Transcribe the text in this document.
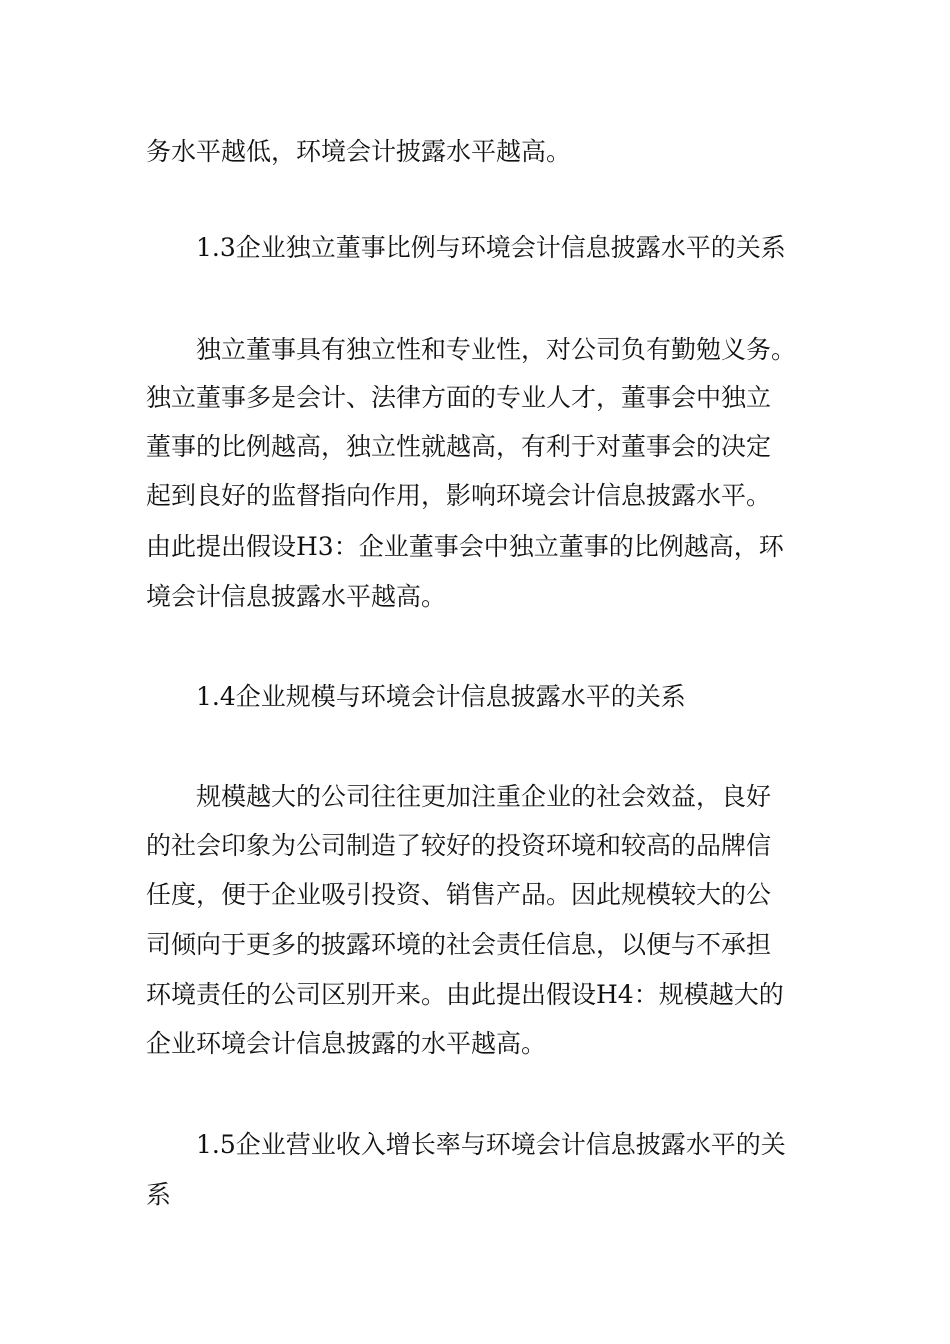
务水平越低，环境会计披露水平越高。
1.3企业独立董事比例与环境会计信息披露水平的关系
独立董事具有独立性和专业性，对公司负有勤勉义务。
独立董事多是会计、法律方面的专业人才，董事会中独立
董事的比例越高，独立性就越高，有利于对董事会的决定
起到良好的监督指向作用，影响环境会计信息披露水平。
由此提出假设H3：企业董事会中独立董事的比例越高，环
境会计信息披露水平越高。
1.4企业规模与环境会计信息披露水平的关系
规模越大的公司往往更加注重企业的社会效益，良好
的社会印象为公司制造了较好的投资环境和较高的品牌信
任度，便于企业吸引投资、销售产品。因此规模较大的公
司倾向于更多的披露环境的社会责任信息，以便与不承担
环境责任的公司区别开来。由此提出假设H4：规模越大的
企业环境会计信息披露的水平越高。
1.5企业营业收入增长率与环境会计信息披露水平的关
系
